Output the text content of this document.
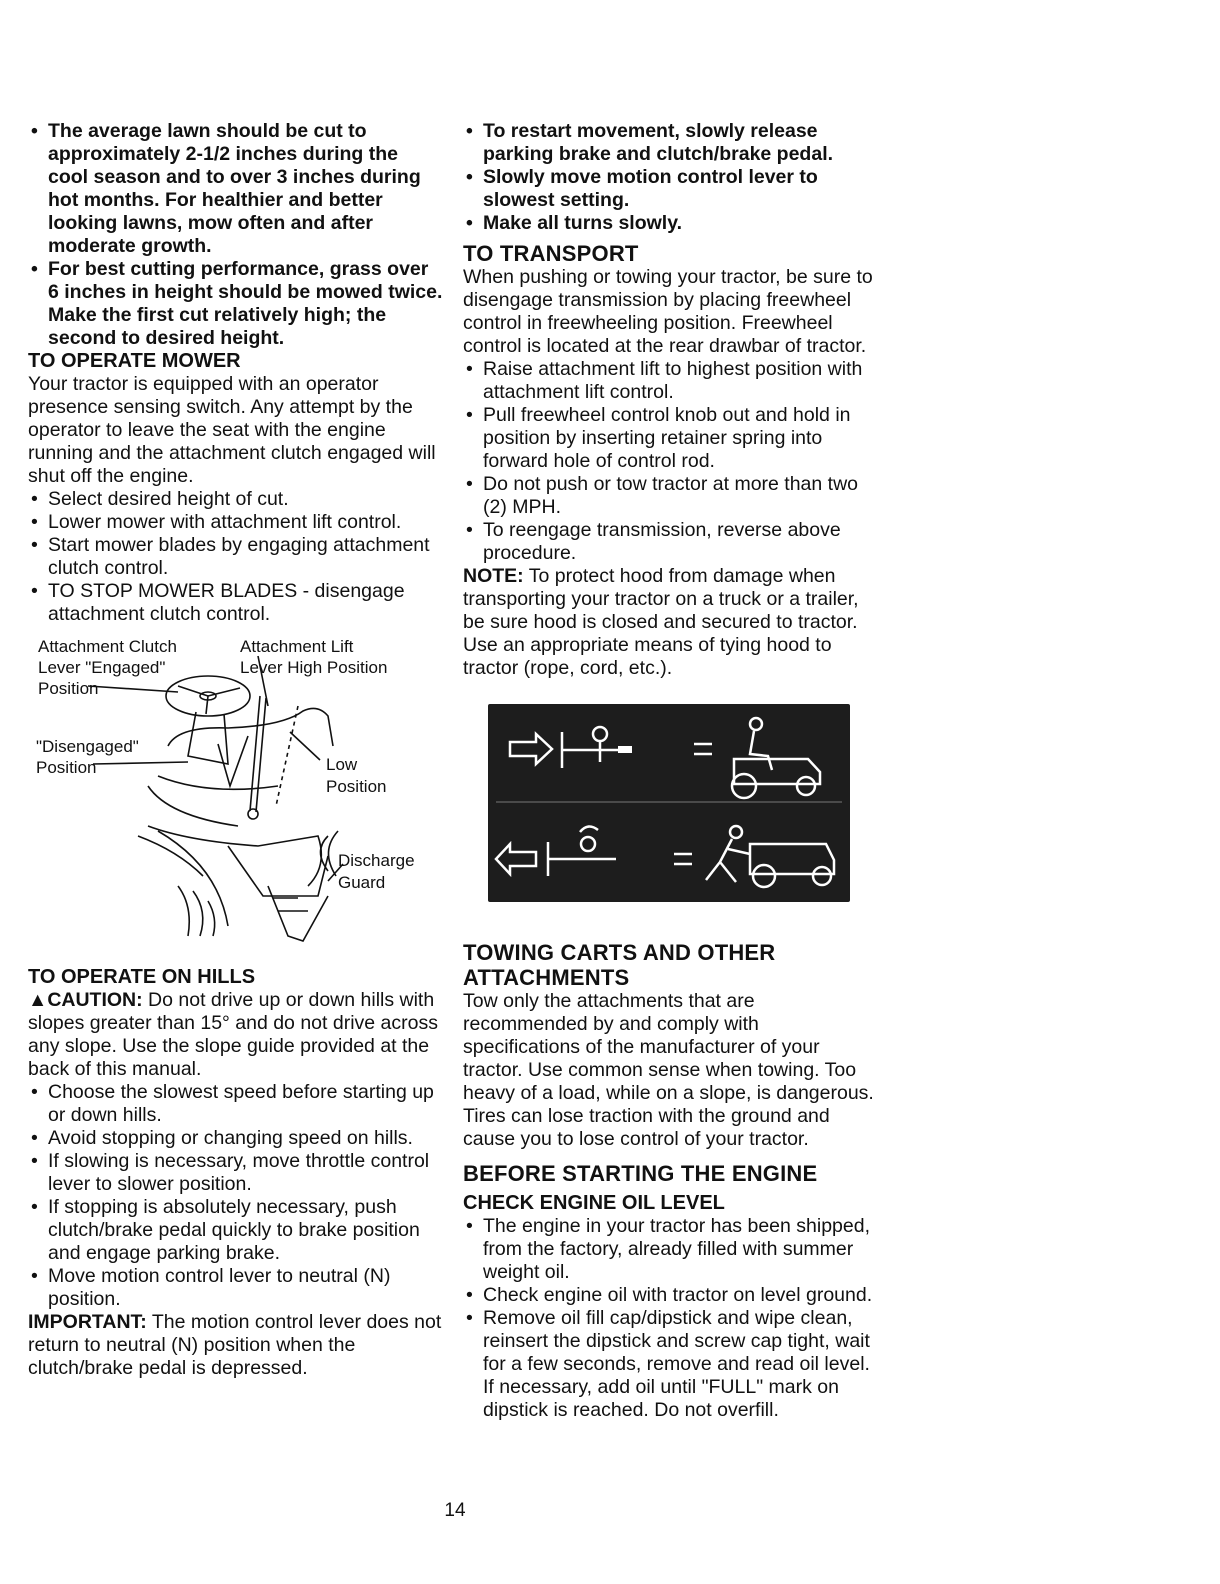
• The average lawn should be cut to approximately 2-1/2 inches during the cool season and to over 3 inches during hot months. For healthier and better looking lawns, mow often and after moderate growth.
• For best cutting performance, grass over 6 inches in height should be mowed twice. Make the first cut relatively high; the second to desired height.
TO OPERATE MOWER

Your tractor is equipped with an operator presence sensing switch. Any attempt by the operator to leave the seat with the engine running and the attachment clutch engaged will shut off the engine.

• Select desired height of cut.
• Lower mower with attachment lift control.
• Start mower blades by engaging attachment clutch control.
• TO STOP MOWER BLADES - disengage attachment clutch control.
Attachment Clutch
Lever "Engaged"
Position
Attachment Lift
Lever High Position
"Disengaged"
Position	Low
Position
Discharge
Guard
TO OPERATE ON HILLS

▲CAUTION: Do not drive up or down hills with slopes greater than 15° and do not drive across any slope. Use the slope guide provided at the back of this manual.

• Choose the slowest speed before starting up or down hills.
• Avoid stopping or changing speed on hills.
• If slowing is necessary, move throttle control lever to slower position.
• If stopping is absolutely necessary, push clutch/brake pedal quickly to brake position and engage parking brake.
• Move motion control lever to neutral (N) position.

IMPORTANT: The motion control lever does not return to neutral (N) position when the clutch/brake pedal is depressed.

• To restart movement, slowly release parking brake and clutch/brake pedal.
• Slowly move motion control lever to slowest setting.
• Make all turns slowly.
TO TRANSPORT

When pushing or towing your tractor, be sure to disengage transmission by placing freewheel control in freewheeling position. Freewheel control is located at the rear drawbar of tractor.

• Raise attachment lift to highest position with attachment lift control.
• Pull freewheel control knob out and hold in position by inserting retainer spring into forward hole of control rod.
• Do not push or tow tractor at more than two (2) MPH.
• To reengage transmission, reverse above procedure.

NOTE: To protect hood from damage when transporting your tractor on a truck or a trailer, be sure hood is closed and secured to tractor. Use an appropriate means of tying hood to tractor (rope, cord, etc.).

TOWING CARTS AND OTHER ATTACHMENTS

Tow only the attachments that are recommended by and comply with specifications of the manufacturer of your tractor. Use common sense when towing. Too heavy of a load, while on a slope, is dangerous. Tires can lose traction with the ground and cause you to lose control of your tractor.

BEFORE STARTING THE ENGINE
CHECK ENGINE OIL LEVEL
• The engine in your tractor has been shipped, from the factory, already filled with summer weight oil.
• Check engine oil with tractor on level ground.
• Remove oil fill cap/dipstick and wipe clean, reinsert the dipstick and screw cap tight, wait for a few seconds, remove and read oil level. If necessary, add oil until "FULL" mark on dipstick is reached. Do not overfill.
14
